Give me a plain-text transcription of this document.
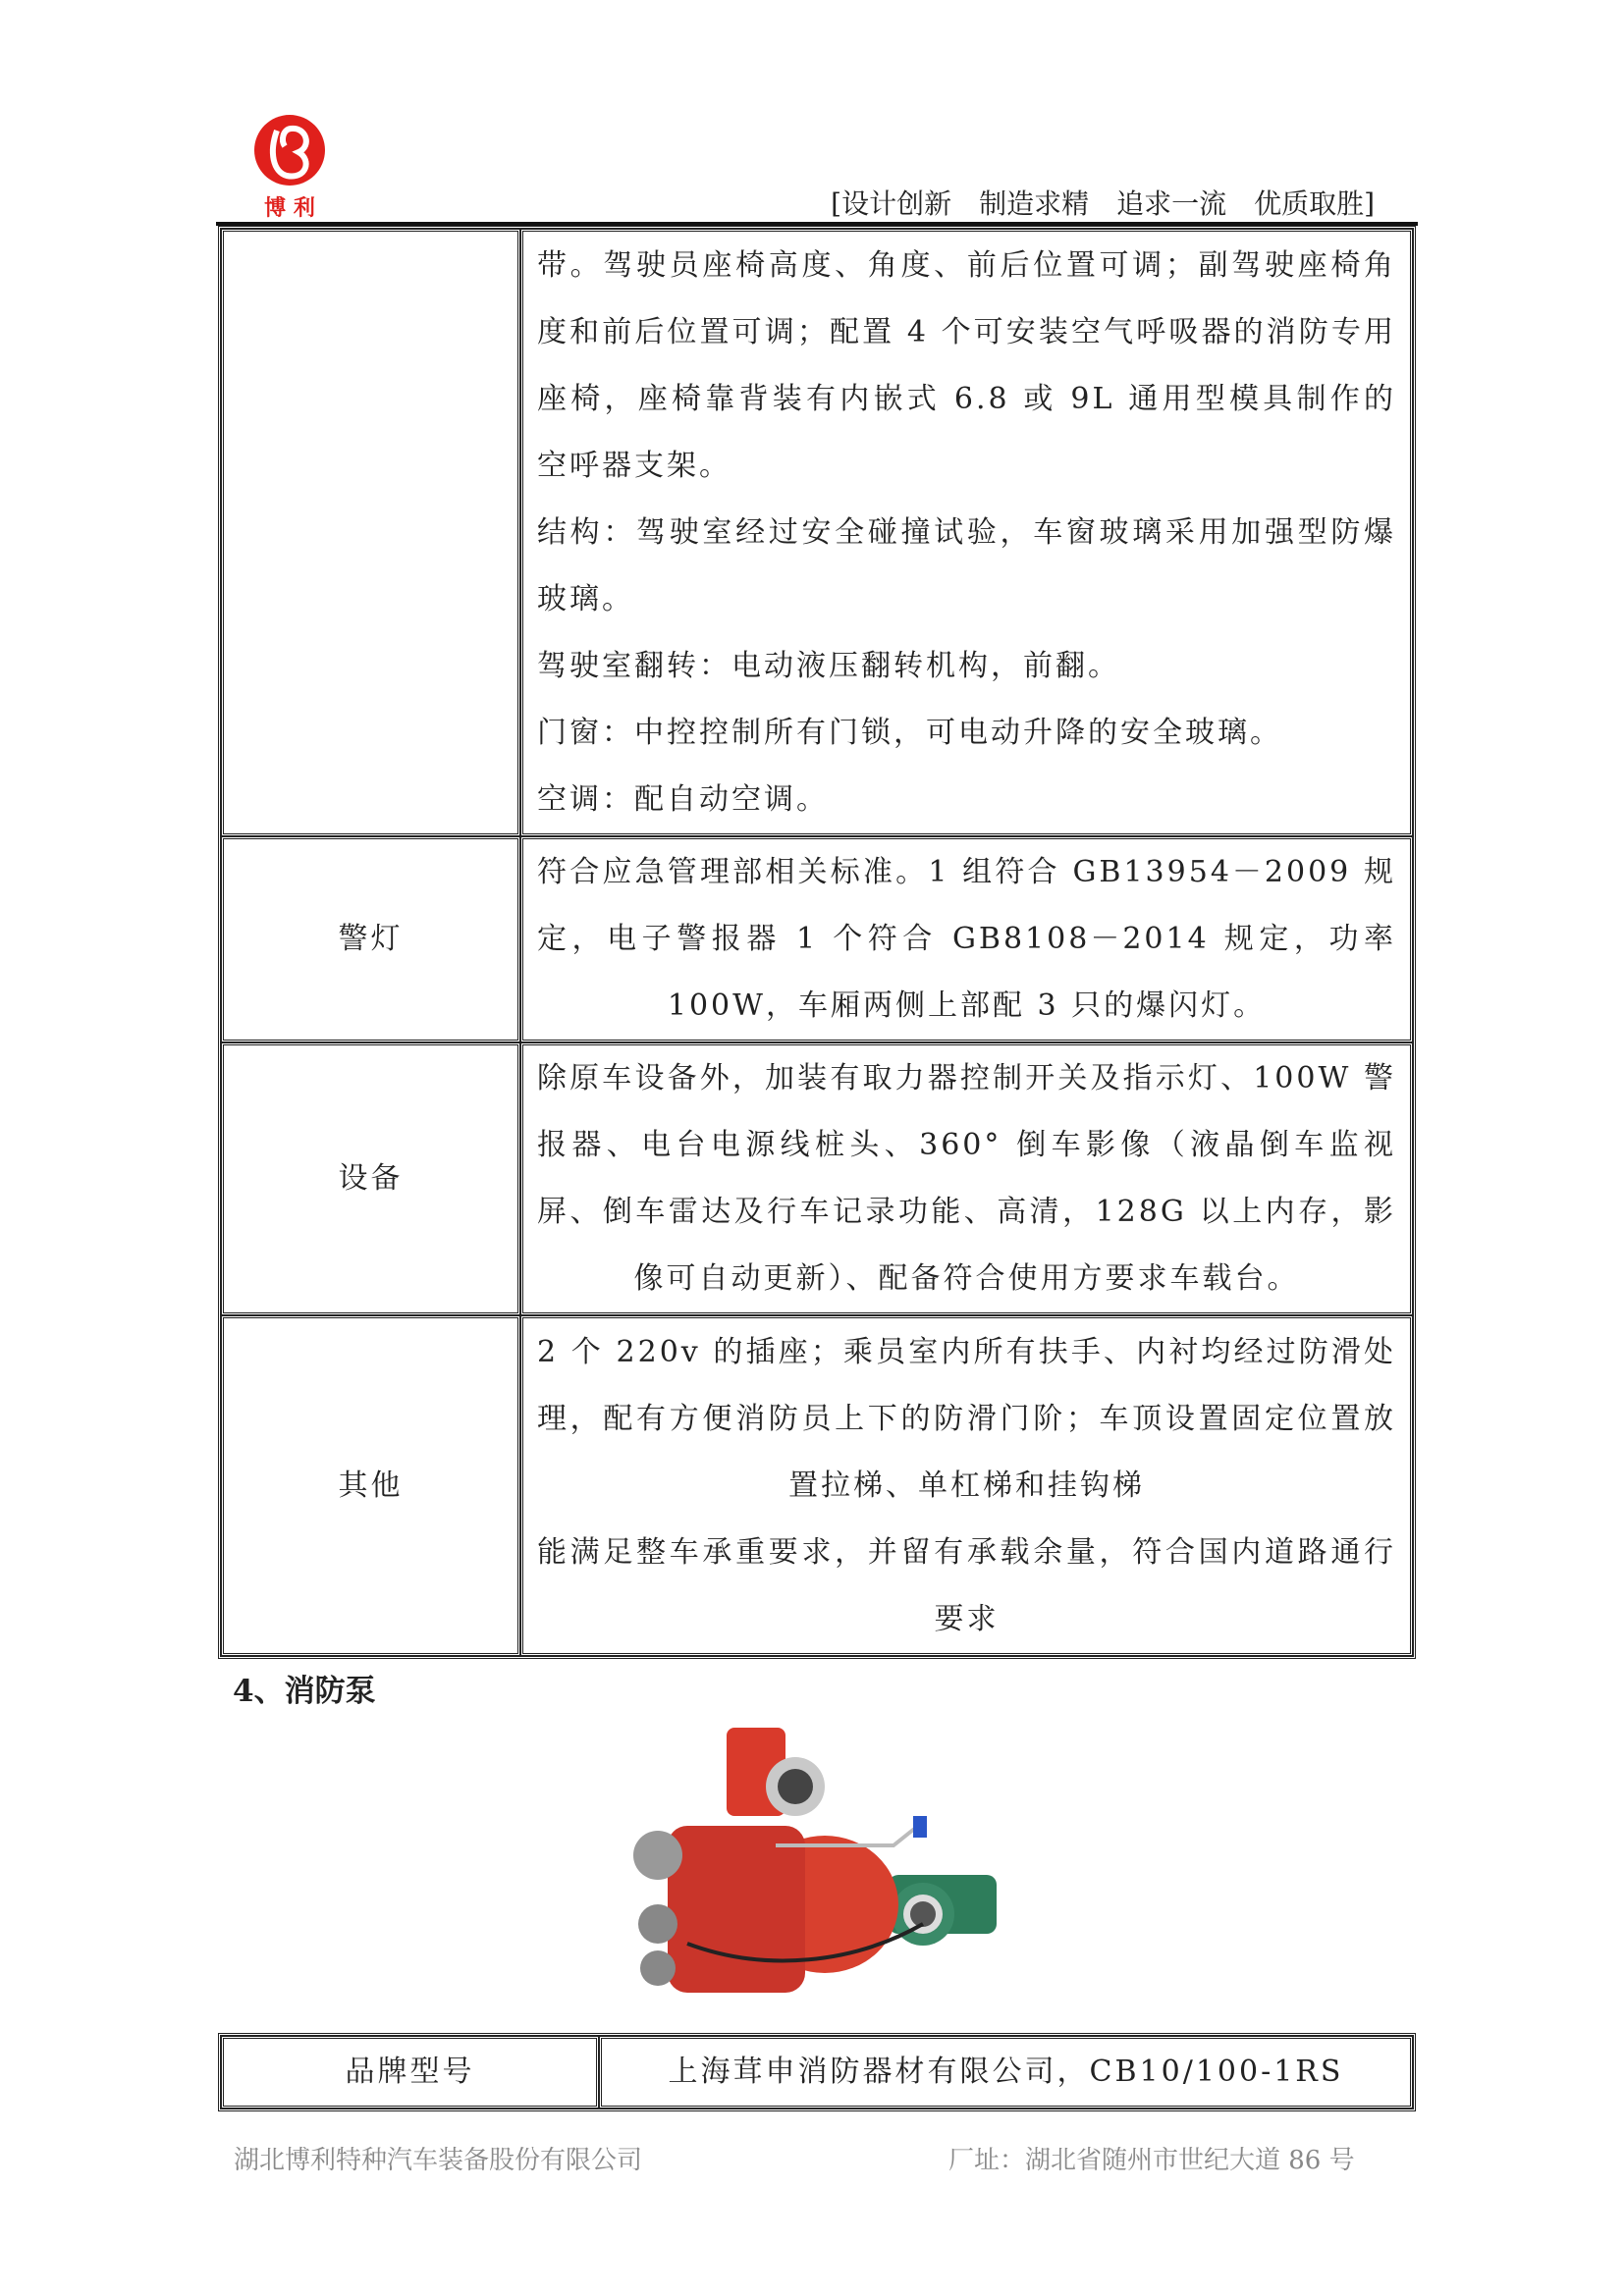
博 利	[设计创新　制造求精　追求一流　优质取胜]

	带。驾驶员座椅高度、角度、前后位置可调；副驾驶座椅角度和前后位置可调；配置 4 个可安装空气呼吸器的消防专用座椅，座椅靠背装有内嵌式 6.8 或 9L 通用型模具制作的空呼器支架。

结构：驾驶室经过安全碰撞试验，车窗玻璃采用加强型防爆玻璃。

驾驶室翻转：电动液压翻转机构，前翻。

门窗：中控控制所有门锁，可电动升降的安全玻璃。

空调：配自动空调。

警灯	符合应急管理部相关标准。1 组符合 GB13954－2009 规定，电子警报器 1 个符合 GB8108－2014 规定，功率 100W，车厢两侧上部配 3 只的爆闪灯。

设备	除原车设备外，加装有取力器控制开关及指示灯、100W 警报器、电台电源线桩头、360° 倒车影像（液晶倒车监视屏、倒车雷达及行车记录功能、高清，128G 以上内存，影像可自动更新）、配备符合使用方要求车载台。

其他	2 个 220v 的插座；乘员室内所有扶手、内衬均经过防滑处理，配有方便消防员上下的防滑门阶；车顶设置固定位置放置拉梯、单杠梯和挂钩梯

能满足整车承重要求，并留有承载余量，符合国内道路通行要求

4、消防泵
品牌型号	上海茸申消防器材有限公司，CB10/100-1RS
湖北博利特种汽车装备股份有限公司	厂址：湖北省随州市世纪大道 86 号
